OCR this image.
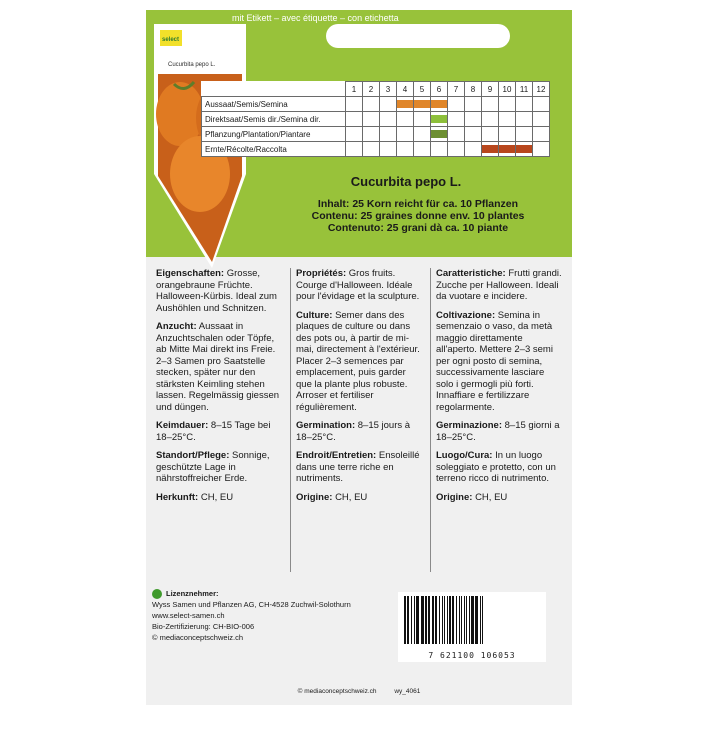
mit Etikett – avec étiquette – con etichetta
select
Cucurbita pepo L.
	1	2	3	4	5	6	7	8	9	10	11	12
Aussaat/Semis/Semina				

Direktsaat/Semis dir./Semina dir.						

Pflanzung/Plantation/Piantare						

Ernte/Récolte/Raccolta									

Cucurbita pepo L.
Inhalt: 25 Korn reicht für ca. 10 Pflanzen
Contenu: 25 graines donne env. 10 plantes
Contenuto: 25 grani dà ca. 10 piante

Eigenschaften: Grosse, orangebraune Früchte. Halloween-Kürbis. Ideal zum Aushöhlen und Schnitzen.

Anzucht: Aussaat in Anzuchtschalen oder Töpfe, ab Mitte Mai direkt ins Freie. 2–3 Samen pro Saatstelle stecken, später nur den stärksten Keimling stehen lassen. Regelmässig giessen und düngen.

Keimdauer: 8–15 Tage bei 18–25°C.

Standort/Pflege: Sonnige, geschützte Lage in nährstoffreicher Erde.

Herkunft: CH, EU

Propriétés: Gros fruits. Courge d'Halloween. Idéale pour l'évidage et la sculpture.

Culture: Semer dans des plaques de culture ou dans des pots ou, à partir de mi-mai, directement à l'extérieur. Placer 2–3 semences par emplacement, puis garder que la plante plus robuste. Arroser et fertiliser régulièrement.

Germination: 8–15 jours à 18–25°C.

Endroit/Entretien: Ensoleillé dans une terre riche en nutriments.

Origine: CH, EU

Caratteristiche: Frutti grandi. Zucche per Halloween. Ideali da vuotare e incidere.

Coltivazione: Semina in semenzaio o vaso, da metà maggio direttamente all'aperto. Mettere 2–3 semi per ogni posto di semina, successivamente lasciare solo i germogli più forti. Innaffiare e fertilizzare regolarmente.

Germinazione: 8–15 giorni a 18–25°C.

Luogo/Cura: In un luogo soleggiato e protetto, con un terreno ricco di nutrimento.

Origine: CH, EU

Lizenznehmer:
Wyss Samen und Pflanzen AG, CH-4528 Zuchwil-Solothurn
www.select-samen.ch
Bio-Zertifizierung: CH-BIO-006
© mediaconceptschweiz.ch
7 621100 106053
© mediaconceptschweiz.ch	wy_4061
